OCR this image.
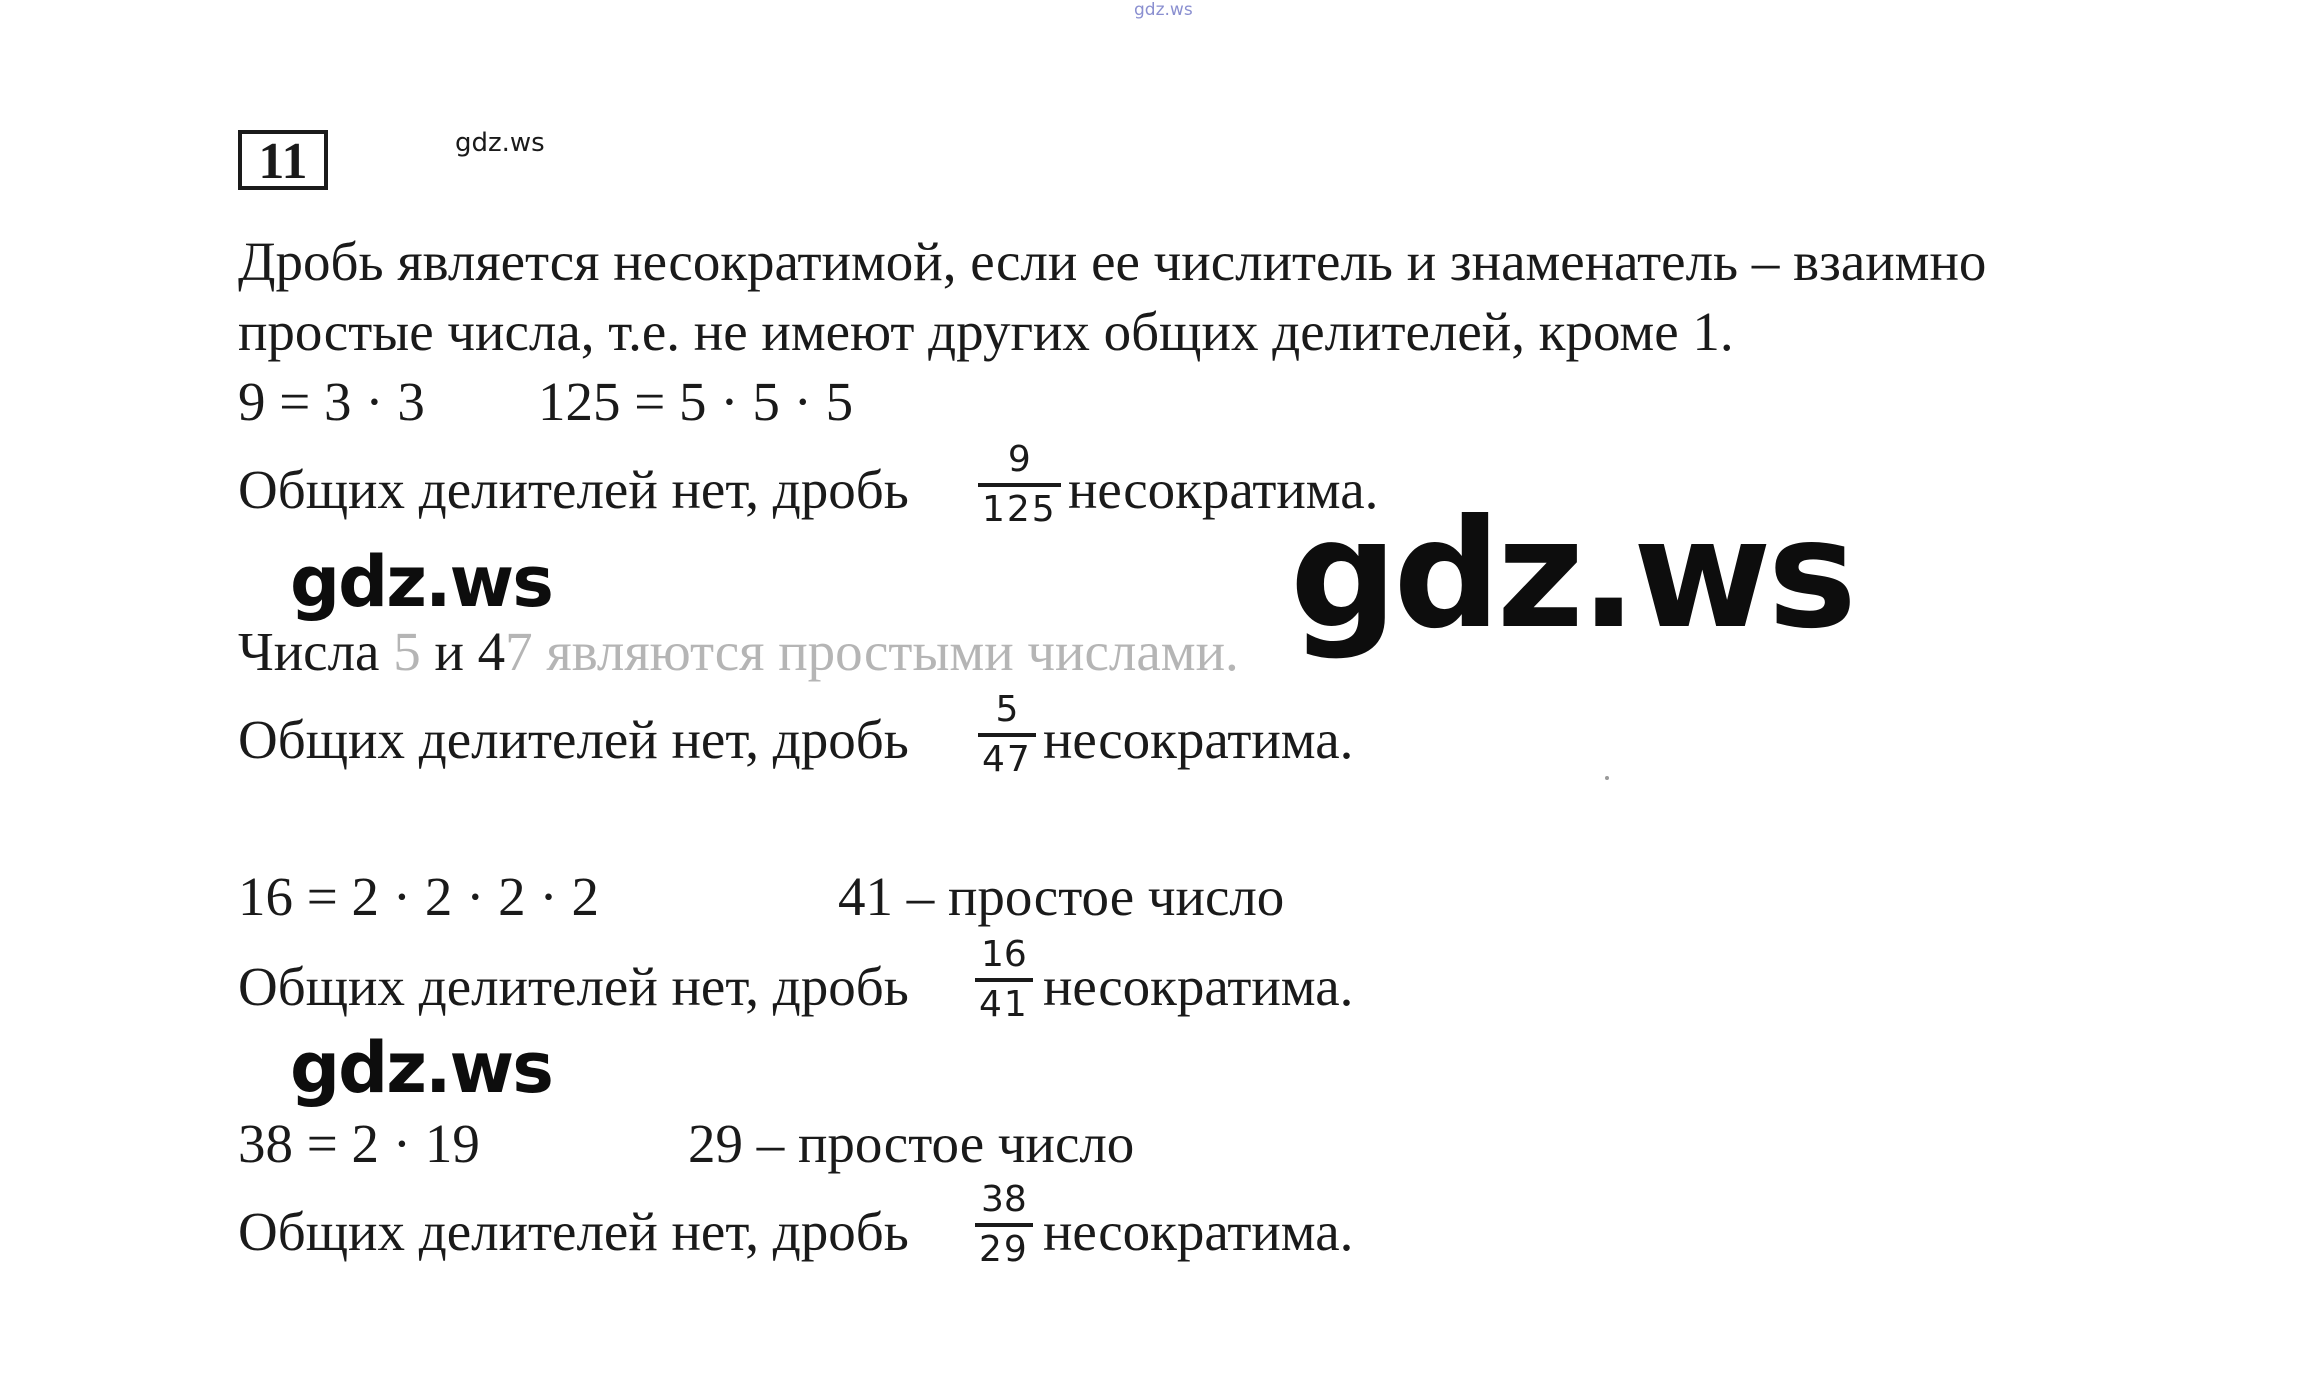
gdz.ws
11	gdz.ws
Дробь является несократимой, если ее числитель и знаменатель – взаимно
простые числа, т.е. не имеют других общих делителей, кроме 1.
9 = 3 · 3 125 = 5 · 5 · 5
Общих делителей нет, дробь	9
125 несократима.
gdz.ws	gdz.ws
Числа 5 и 47 являются простыми числами.
Общих делителей нет, дробь 5
47 несократима.
16 = 2 · 2 · 2 · 2	41 – простое число
Общих делителей нет, дробь
16
41 несократима.
gdz.ws
38 = 2 · 19	29 – простое число
Общих делителей нет, дробь
38
29 несократима.
